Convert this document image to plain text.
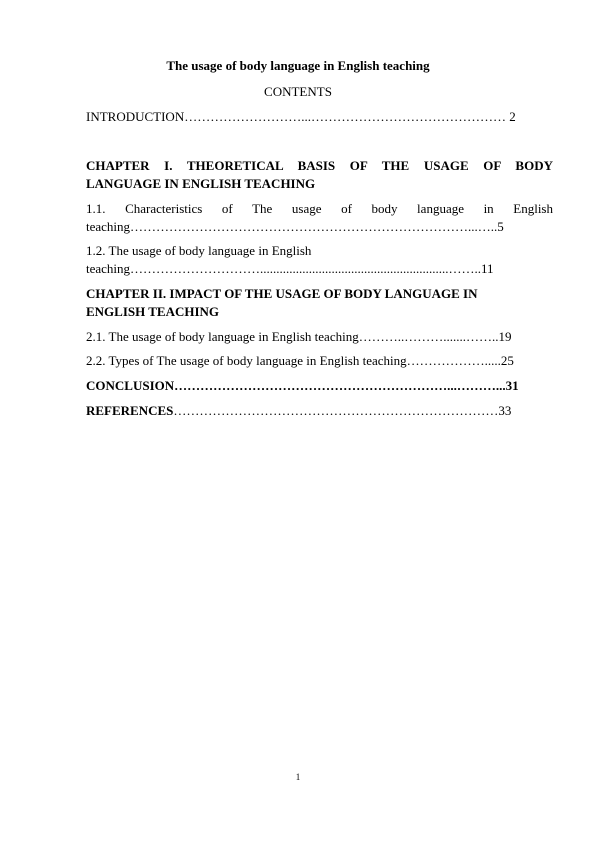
The usage of body language in English teaching
CONTENTS
INTRODUCTION………………………...……………………………………… 2
CHAPTER I. THEORETICAL BASIS OF THE USAGE OF BODY
LANGUAGE IN ENGLISH TEACHING
1.1. Characteristics of The usage of body language in English
teaching……………………………………………………………………...…..5
1.2. The usage of body language in English
teaching…………………………..........................................................……..11
CHAPTER II. IMPACT OF THE USAGE OF BODY LANGUAGE IN
ENGLISH TEACHING
2.1. The usage of body language in English teaching………..……….......……..19
2.2. Types of The usage of body language in English teaching……………….....25
CONCLUSION………………………………………………………...………...31
REFERENCES…………………………………………………………………33
1
